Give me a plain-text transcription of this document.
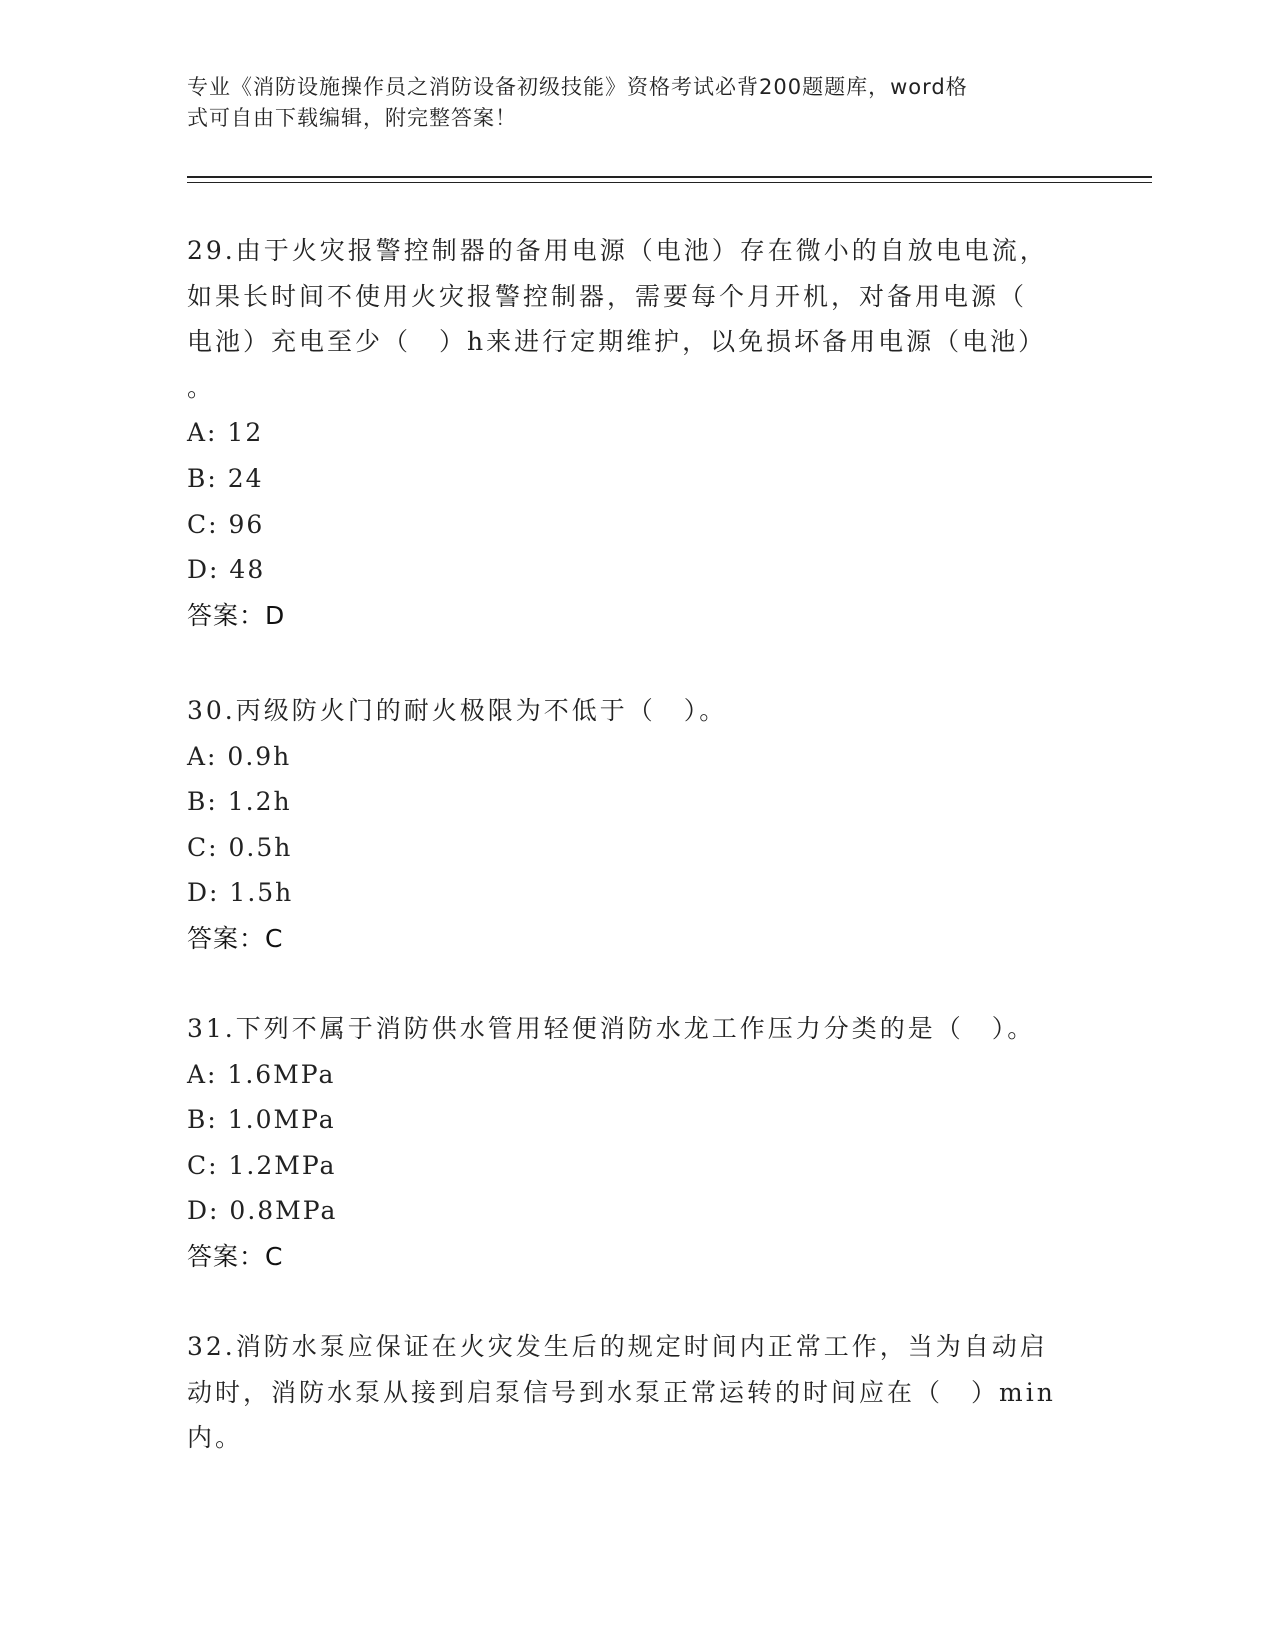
专业《消防设施操作员之消防设备初级技能》资格考试必背200题题库，word格
式可自由下载编辑，附完整答案！

29.由于火灾报警控制器的备用电源（电池）存在微小的自放电电流，
如果长时间不使用火灾报警控制器，需要每个月开机，对备用电源（
电池）充电至少（　）h来进行定期维护，以免损坏备用电源（电池）
。

A: 12

B: 24

C: 96

D: 48

答案：D

30.丙级防火门的耐火极限为不低于（　）。

A: 0.9h

B: 1.2h

C: 0.5h

D: 1.5h

答案：C

31.下列不属于消防供水管用轻便消防水龙工作压力分类的是（　）。

A: 1.6MPa

B: 1.0MPa

C: 1.2MPa

D: 0.8MPa

答案：C

32.消防水泵应保证在火灾发生后的规定时间内正常工作，当为自动启
动时，消防水泵从接到启泵信号到水泵正常运转的时间应在（　）min
内。
